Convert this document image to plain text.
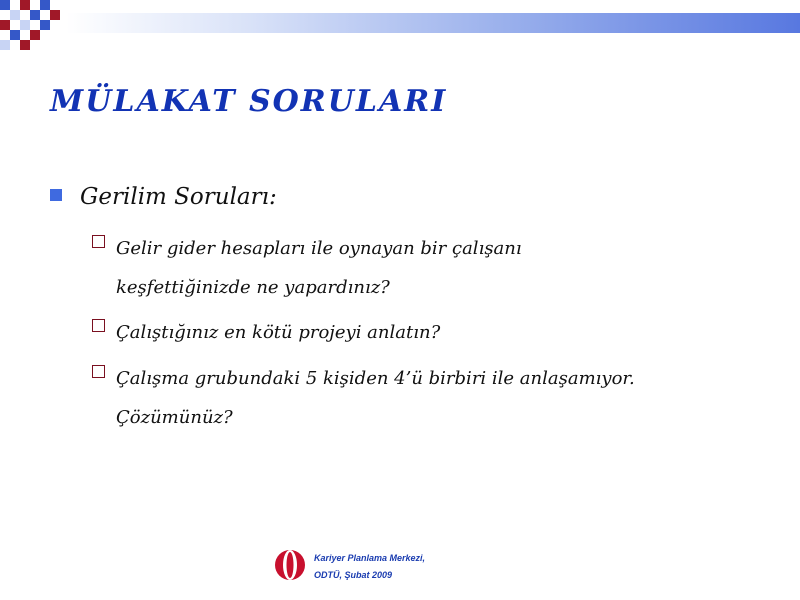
MÜLAKAT SORULARI
Gerilim Soruları:
Gelir gider hesapları ile oynayan bir çalışanı
keşfettiğinizde ne yapardınız?
Çalıştığınız en kötü projeyi anlatın?
Çalışma grubundaki 5 kişiden 4’ü birbiri ile anlaşamıyor.
Çözümünüz?
Kariyer Planlama Merkezi,
ODTÜ, Şubat 2009
